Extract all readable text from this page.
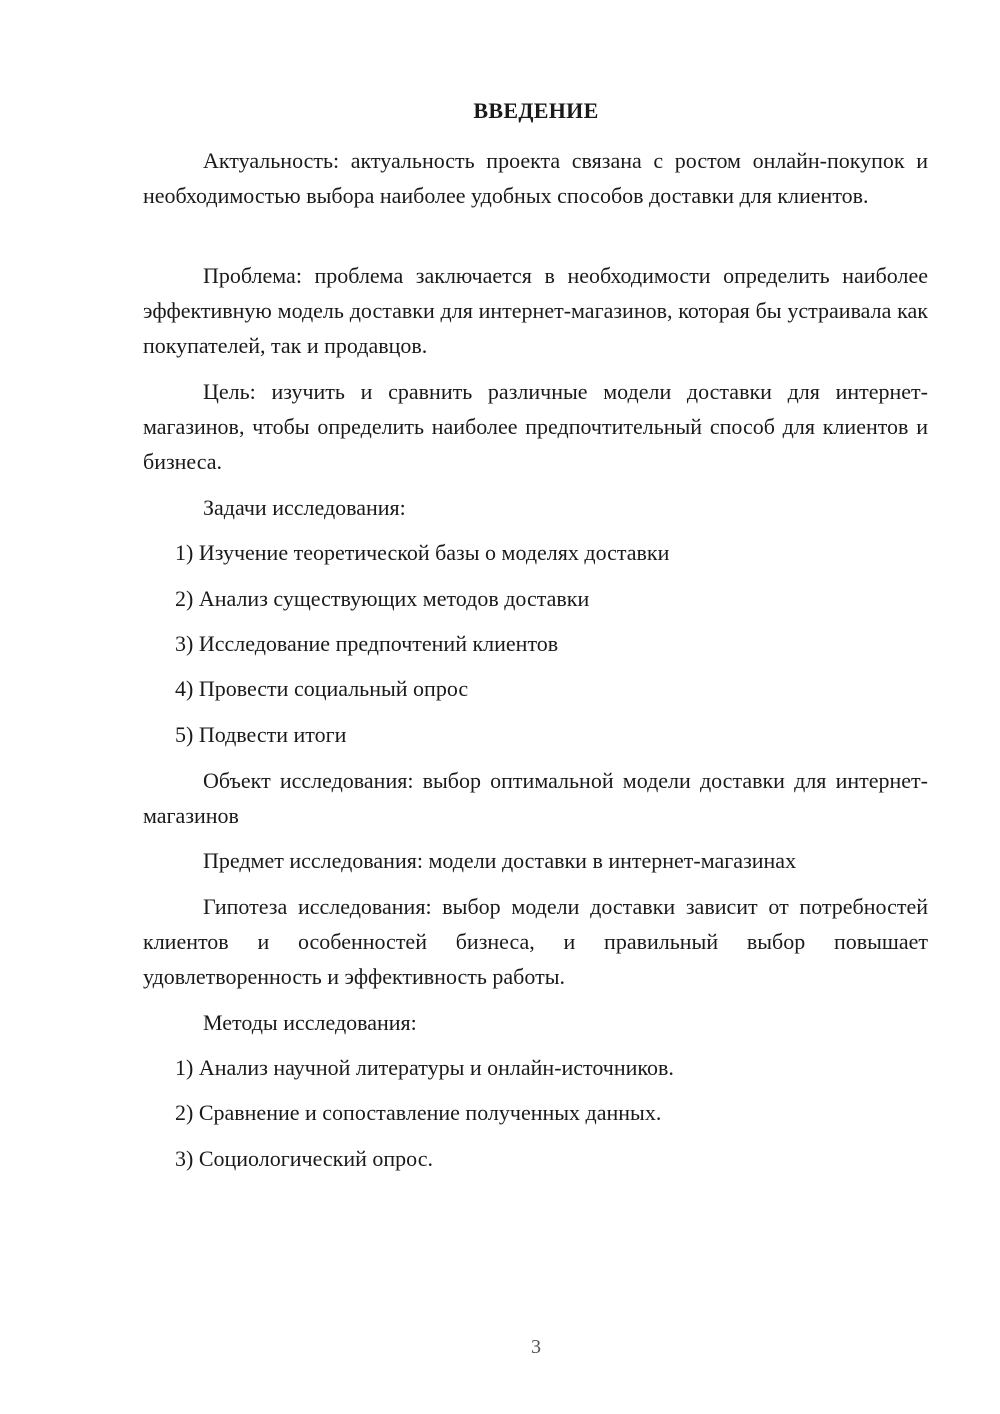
ВВЕДЕНИЕ

Актуальность: актуальность проекта связана с ростом онлайн-покупок и необходимостью выбора наиболее удобных способов доставки для клиентов.

Проблема: проблема заключается в необходимости определить наиболее эффективную модель доставки для интернет-магазинов, которая бы устраивала как покупателей, так и продавцов.

Цель: изучить и сравнить различные модели доставки для интернет-магазинов, чтобы определить наиболее предпочтительный способ для клиентов и бизнеса.

Задачи исследования:

1) Изучение теоретической базы о моделях доставки

2) Анализ существующих методов доставки

3) Исследование предпочтений клиентов

4) Провести социальный опрос

5) Подвести итоги

Объект исследования: выбор оптимальной модели доставки для интернет-магазинов

Предмет исследования: модели доставки в интернет-магазинах

Гипотеза исследования: выбор модели доставки зависит от потребностей клиентов и особенностей бизнеса, и правильный выбор повышает удовлетворенность и эффективность работы.

Методы исследования:

1) Анализ научной литературы и онлайн-источников.

2) Сравнение и сопоставление полученных данных.

3) Социологический опрос.

3
